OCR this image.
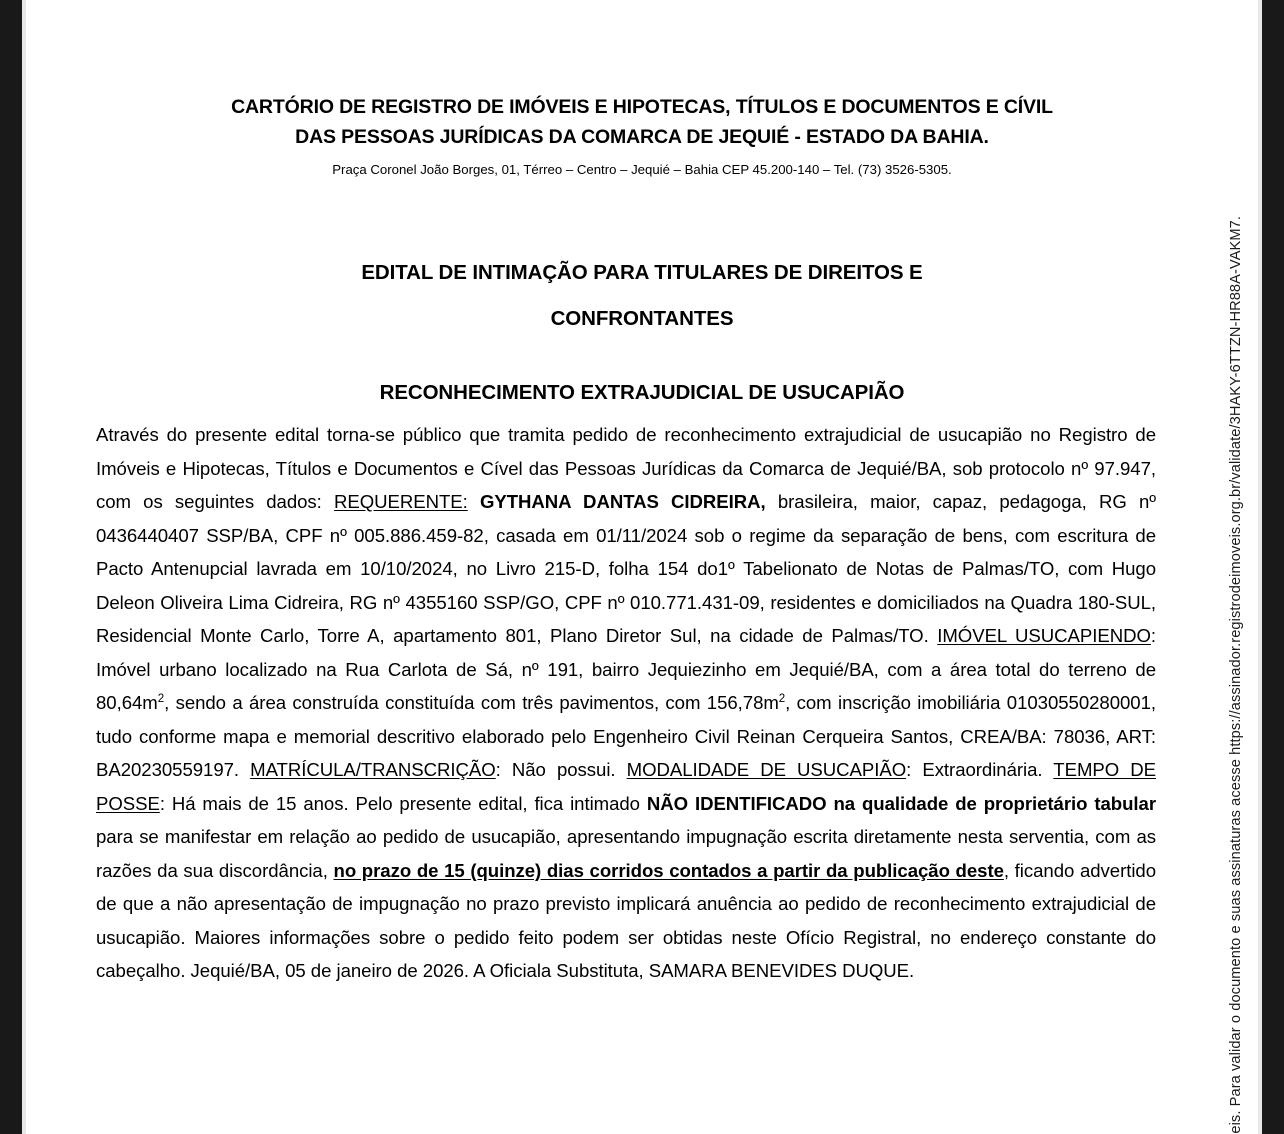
CARTÓRIO DE REGISTRO DE IMÓVEIS E HIPOTECAS, TÍTULOS E DOCUMENTOS E CÍVIL
DAS PESSOAS JURÍDICAS DA COMARCA DE JEQUIÉ - ESTADO DA BAHIA.
Praça Coronel João Borges, 01, Térreo – Centro – Jequié – Bahia CEP 45.200-140 – Tel. (73) 3526-5305.
EDITAL DE INTIMAÇÃO PARA TITULARES DE DIREITOS E CONFRONTANTES
RECONHECIMENTO EXTRAJUDICIAL DE USUCAPIÃO
Através do presente edital torna-se público que tramita pedido de reconhecimento extrajudicial de usucapião no Registro de Imóveis e Hipotecas, Títulos e Documentos e Cível das Pessoas Jurídicas da Comarca de Jequié/BA, sob protocolo nº 97.947, com os seguintes dados: REQUERENTE: GYTHANA DANTAS CIDREIRA, brasileira, maior, capaz, pedagoga, RG nº 0436440407 SSP/BA, CPF nº 005.886.459-82, casada em 01/11/2024 sob o regime da separação de bens, com escritura de Pacto Antenupcial lavrada em 10/10/2024, no Livro 215-D, folha 154 do1º Tabelionato de Notas de Palmas/TO, com Hugo Deleon Oliveira Lima Cidreira, RG nº 4355160 SSP/GO, CPF nº 010.771.431-09, residentes e domiciliados na Quadra 180-SUL, Residencial Monte Carlo, Torre A, apartamento 801, Plano Diretor Sul, na cidade de Palmas/TO. IMÓVEL USUCAPIENDO: Imóvel urbano localizado na Rua Carlota de Sá, nº 191, bairro Jequiezinho em Jequié/BA, com a área total do terreno de $80,64m^2$, sendo a área construída constituída com três pavimentos, com $156,78m^2$, com inscrição imobiliária 01030550280001, tudo conforme mapa e memorial descritivo elaborado pelo Engenheiro Civil Reinan Cerqueira Santos, CREA/BA: 78036, ART: BA20230559197. MATRÍCULA/TRANSCRIÇÃO: Não possui. MODALIDADE DE USUCAPIÃO: Extraordinária. TEMPO DE POSSE: Há mais de 15 anos. Pelo presente edital, fica intimado NÃO IDENTIFICADO na qualidade de proprietário tabular para se manifestar em relação ao pedido de usucapião, apresentando impugnação escrita diretamente nesta serventia, com as razões da sua discordância, no prazo de 15 (quinze) dias corridos contados a partir da publicação deste, ficando advertido de que a não apresentação de impugnação no prazo previsto implicará anuência ao pedido de reconhecimento extrajudicial de usucapião. Maiores informações sobre o pedido feito podem ser obtidas neste Ofício Registral, no endereço constante do cabeçalho. Jequié/BA, 05 de janeiro de 2026. A Oficiala Substituta, SAMARA BENEVIDES DUQUE.	eis. Para validar o documento e suas assinaturas acesse https://assinador.registrodeimoveis.org.br/validate/3HAKY-6TTZN-HR88A-VAKM7.
